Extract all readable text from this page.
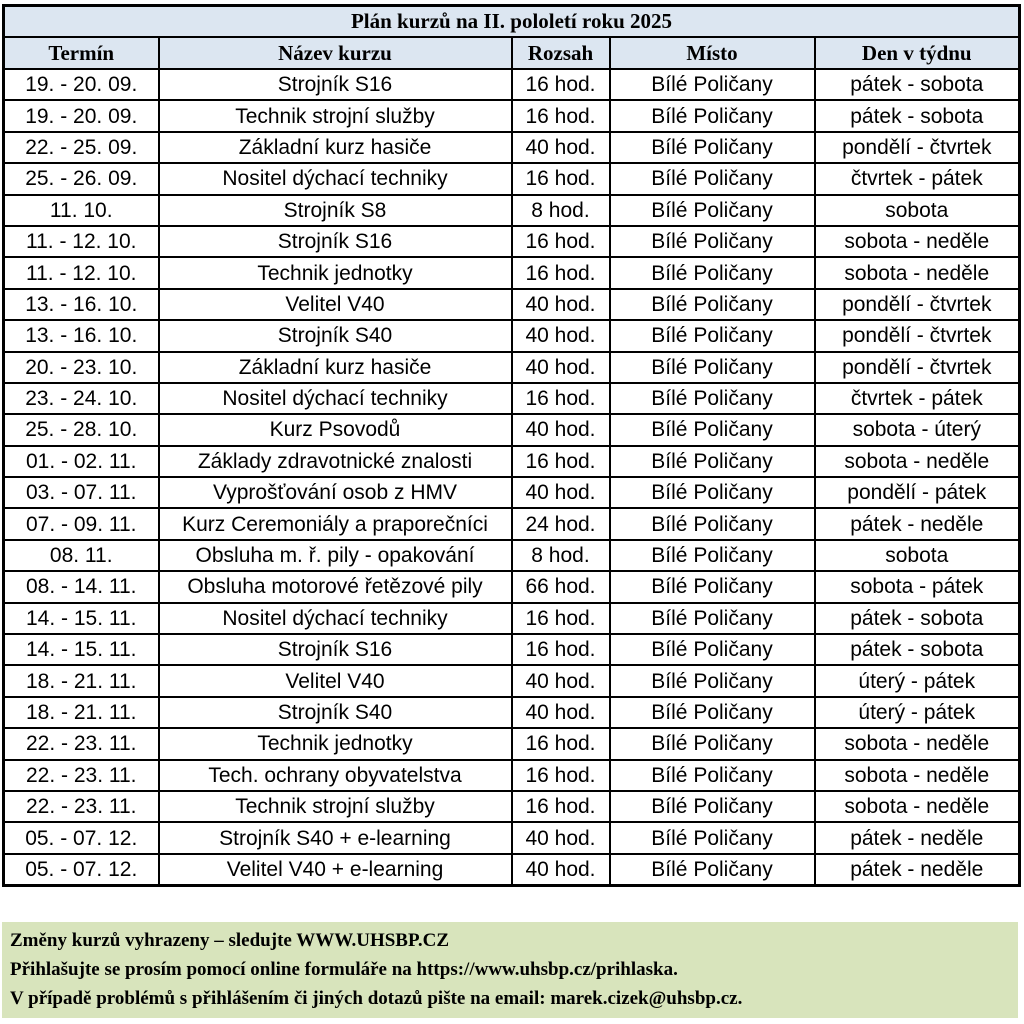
Plán kurzů na II. pololetí roku 2025				
Termín	Název kurzu	Rozsah	Místo	Den v týdnu
19. - 20. 09.	Strojník S16	16 hod.	Bílé Poličany	pátek - sobota
19. - 20. 09.	Technik strojní služby	16 hod.	Bílé Poličany	pátek - sobota
22. - 25. 09.	Základní kurz hasiče	40 hod.	Bílé Poličany	pondělí - čtvrtek
25. - 26. 09.	Nositel dýchací techniky	16 hod.	Bílé Poličany	čtvrtek - pátek
11. 10.	Strojník S8	8 hod.	Bílé Poličany	sobota
11. - 12. 10.	Strojník S16	16 hod.	Bílé Poličany	sobota - neděle
11. - 12. 10.	Technik jednotky	16 hod.	Bílé Poličany	sobota - neděle
13. - 16. 10.	Velitel V40	40 hod.	Bílé Poličany	pondělí - čtvrtek
13. - 16. 10.	Strojník S40	40 hod.	Bílé Poličany	pondělí - čtvrtek
20. - 23. 10.	Základní kurz hasiče	40 hod.	Bílé Poličany	pondělí - čtvrtek
23. - 24. 10.	Nositel dýchací techniky	16 hod.	Bílé Poličany	čtvrtek - pátek
25. - 28. 10.	Kurz Psovodů	40 hod.	Bílé Poličany	sobota - úterý
01. - 02. 11.	Základy zdravotnické znalosti	16 hod.	Bílé Poličany	sobota - neděle
03. - 07. 11.	Vyprošťování osob z HMV	40 hod.	Bílé Poličany	pondělí - pátek
07. - 09. 11.	Kurz Ceremoniály a praporečníci	24 hod.	Bílé Poličany	pátek - neděle
08. 11.	Obsluha m. ř. pily - opakování	8 hod.	Bílé Poličany	sobota
08. - 14. 11.	Obsluha motorové řetězové pily	66 hod.	Bílé Poličany	sobota - pátek
14. - 15. 11.	Nositel dýchací techniky	16 hod.	Bílé Poličany	pátek - sobota
14. - 15. 11.	Strojník S16	16 hod.	Bílé Poličany	pátek - sobota
18. - 21. 11.	Velitel V40	40 hod.	Bílé Poličany	úterý - pátek
18. - 21. 11.	Strojník S40	40 hod.	Bílé Poličany	úterý - pátek
22. - 23. 11.	Technik jednotky	16 hod.	Bílé Poličany	sobota - neděle
22. - 23. 11.	Tech. ochrany obyvatelstva	16 hod.	Bílé Poličany	sobota - neděle
22. - 23. 11.	Technik strojní služby	16 hod.	Bílé Poličany	sobota - neděle
05. - 07. 12.	Strojník S40 + e-learning	40 hod.	Bílé Poličany	pátek - neděle
05. - 07. 12.	Velitel V40 + e-learning	40 hod.	Bílé Poličany	pátek - neděle
Změny kurzů vyhrazeny – sledujte WWW.UHSBP.CZ
Přihlašujte se prosím pomocí online formuláře na https://www.uhsbp.cz/prihlaska.
V případě problémů s přihlášením či jiných dotazů pište na email: marek.cizek@uhsbp.cz.
